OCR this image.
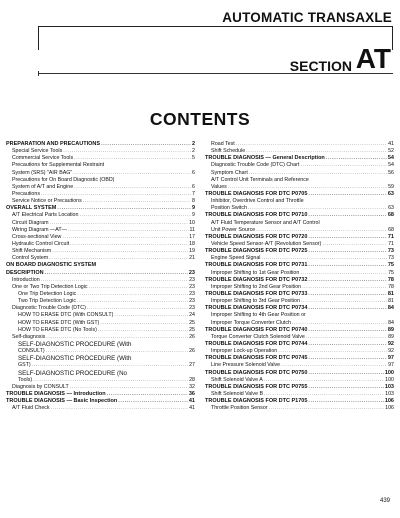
AUTOMATIC TRANSAXLE
SECTION AT
CONTENTS
PREPARATION AND PRECAUTIONS .....	2
Special Service Tools .....	2
Commercial Service Tools .....	5
Precautions for Supplemental Restraint
System (SRS) "AIR BAG" .....	6
Precautions for On Board Diagnostic (OBD)
System of A/T and Engine .....	6
Precautions .....	7
Service Notice or Precautions .....	8
OVERALL SYSTEM .....	9
A/T Electrical Parts Location .....	9
Circuit Diagram .....	10
Wiring Diagram —AT— .....	11
Cross-sectional View .....	17
Hydraulic Control Circuit .....	18
Shift Mechanism .....	19
Control System .....	21
ON BOARD DIAGNOSTIC SYSTEM
DESCRIPTION .....	23
Introduction .....	23
One or Two Trip Detection Logic .....	23
One Trip Detection Logic .....	23
Two Trip Detection Logic .....	23
Diagnostic Trouble Code (DTC) .....	23
HOW TO ERASE DTC (With CONSULT) .....	24
HOW TO ERASE DTC (With GST) .....	25
HOW TO ERASE DTC (No Tools) .....	25
Self-diagnosis .....	26
SELF-DIAGNOSTIC PROCEDURE (With
CONSULT) .....	26
SELF-DIAGNOSTIC PROCEDURE (With
GST) .....	27
SELF-DIAGNOSTIC PROCEDURE (No
Tools) .....	28
Diagnosis by CONSULT .....	32
TROUBLE DIAGNOSIS — Introduction .....	36
TROUBLE DIAGNOSIS — Basic Inspection .....	41
A/T Fluid Check .....	41
Road Test .....	41
Shift Schedule .....	52
TROUBLE DIAGNOSIS — General Description .....	54
Diagnostic Trouble Code (DTC) Chart .....	54
Symptom Chart .....	56
A/T Control Unit Terminals and Reference
Values .....	59
TROUBLE DIAGNOSIS FOR DTC P0705 .....	63
Inhibitor, Overdrive Control and Throttle
Position Switch .....	63
TROUBLE DIAGNOSIS FOR DTC P0710 .....	68
A/T Fluid Temperature Sensor and A/T Control
Unit Power Source .....	68
TROUBLE DIAGNOSIS FOR DTC P0720 .....	71
Vehicle Speed Sensor·A/T (Revolution Sensor) .....	71
TROUBLE DIAGNOSIS FOR DTC P0725 .....	73
Engine Speed Signal .....	73
TROUBLE DIAGNOSIS FOR DTC P0731 .....	75
Improper Shifting to 1st Gear Position .....	75
TROUBLE DIAGNOSIS FOR DTC P0732 .....	78
Improper Shifting to 2nd Gear Position .....	78
TROUBLE DIAGNOSIS FOR DTC P0733 .....	81
Improper Shifting to 3rd Gear Position .....	81
TROUBLE DIAGNOSIS FOR DTC P0734 .....	84
Improper Shifting to 4th Gear Position or
Improper Torque Converter Clutch .....	84
TROUBLE DIAGNOSIS FOR DTC P0740 .....	89
Torque Converter Clutch Solenoid Valve .....	89
TROUBLE DIAGNOSIS FOR DTC P0744 .....	92
Improper Lock-up Operation .....	92
TROUBLE DIAGNOSIS FOR DTC P0745 .....	97
Line Pressure Solenoid Valve .....	97
TROUBLE DIAGNOSIS FOR DTC P0750 .....	100
Shift Solenoid Valve A .....	100
TROUBLE DIAGNOSIS FOR DTC P0755 .....	103
Shift Solenoid Valve B .....	103
TROUBLE DIAGNOSIS FOR DTC P1705 .....	106
Throttle Position Sensor .....	106
439
